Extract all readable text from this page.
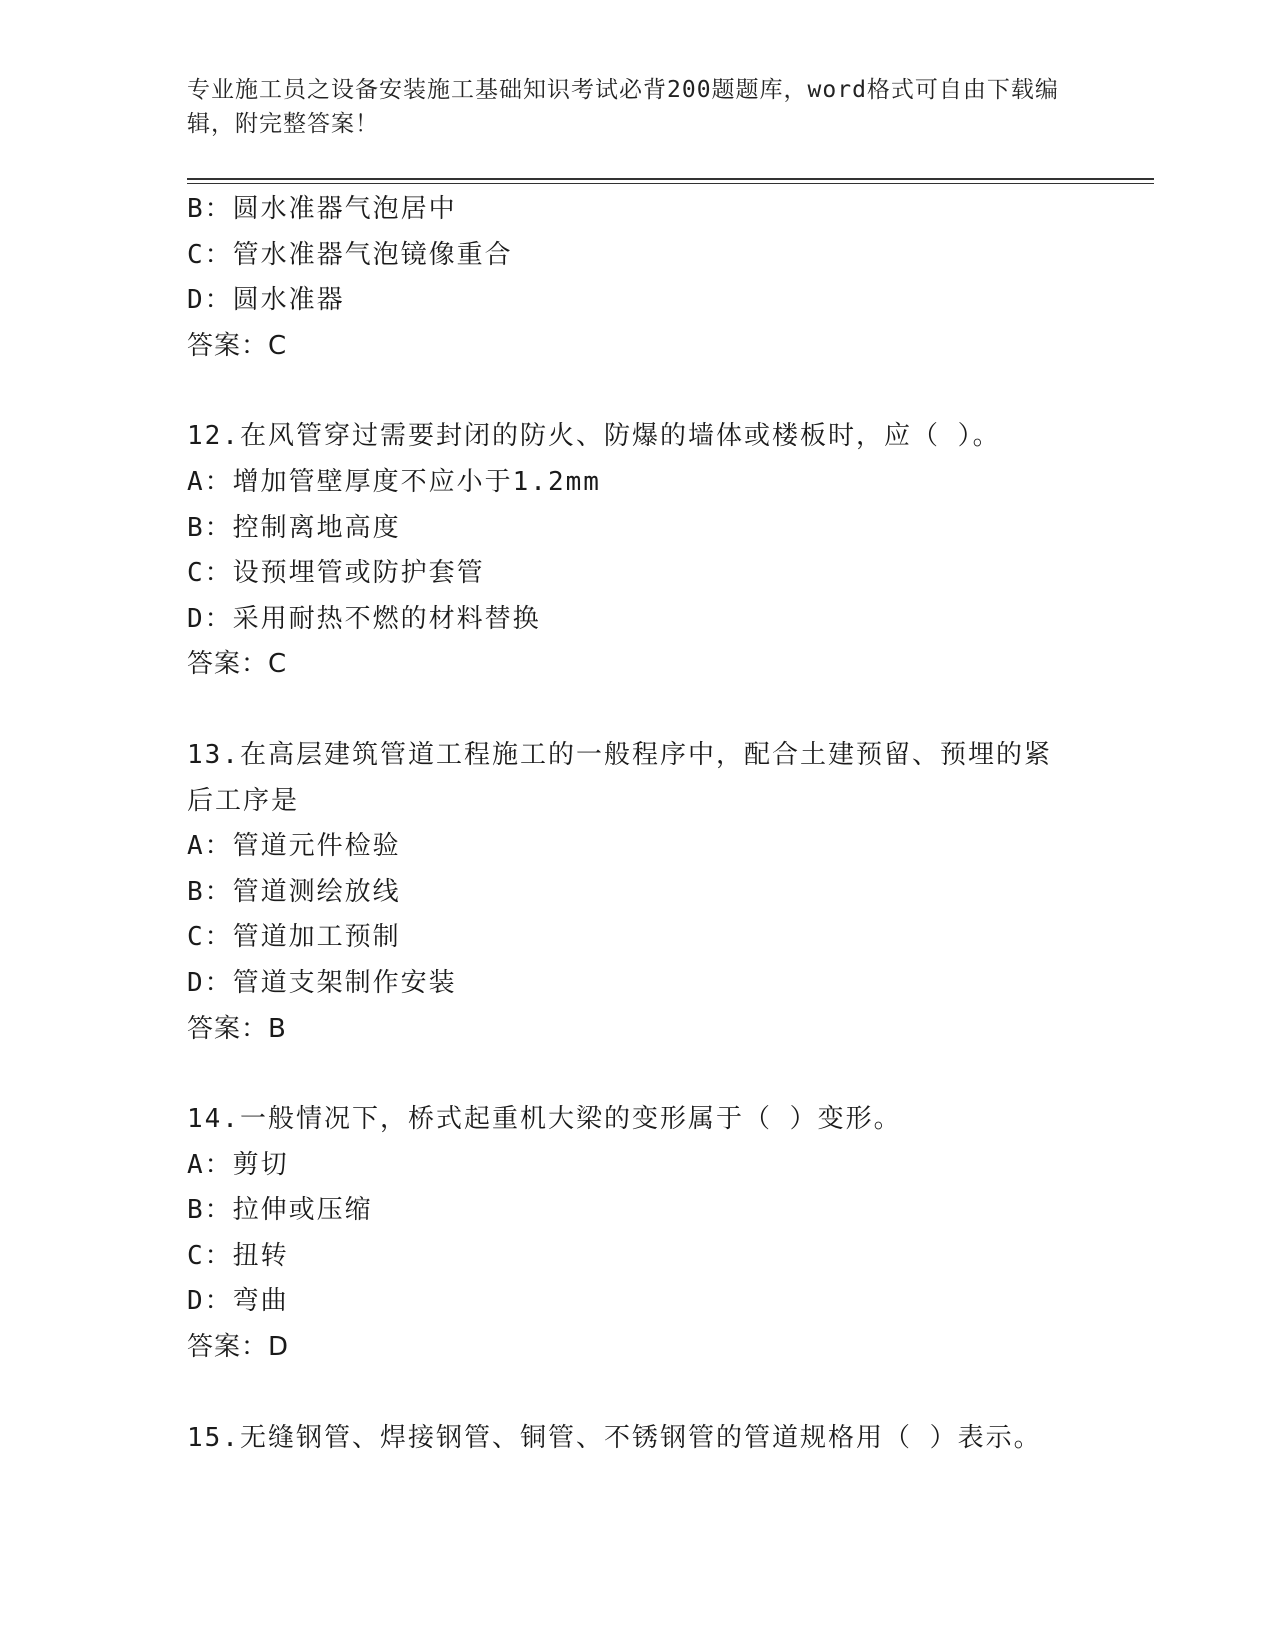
专业施工员之设备安装施工基础知识考试必背200题题库，word格式可自由下载编辑，附完整答案！
B：圆水准器气泡居中
C：管水准器气泡镜像重合
D：圆水准器
答案：C
12.在风管穿过需要封闭的防火、防爆的墙体或楼板时，应（ ）。
A：增加管壁厚度不应小于1.2mm
B：控制离地高度
C：设预埋管或防护套管
D：采用耐热不燃的材料替换
答案：C
13.在高层建筑管道工程施工的一般程序中，配合土建预留、预埋的紧后工序是
A：管道元件检验
B：管道测绘放线
C：管道加工预制
D：管道支架制作安装
答案：B
14.一般情况下，桥式起重机大梁的变形属于（ ）变形。
A：剪切
B：拉伸或压缩
C：扭转
D：弯曲
答案：D
15.无缝钢管、焊接钢管、铜管、不锈钢管的管道规格用（ ）表示。
